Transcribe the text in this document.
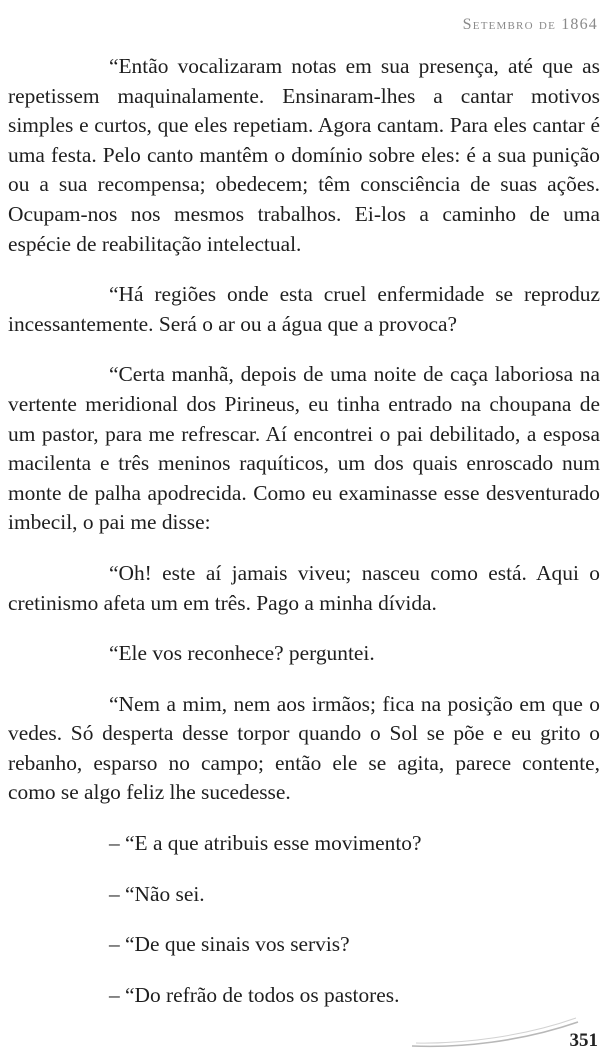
Setembro de 1864

“Então vocalizaram notas em sua presença, até que as repetissem maquinalamente. Ensinaram-lhes a cantar motivos simples e curtos, que eles repetiam. Agora cantam. Para eles cantar é uma festa. Pelo canto mantêm o domínio sobre eles: é a sua punição ou a sua recompensa; obedecem; têm consciência de suas ações. Ocupam-nos nos mesmos trabalhos. Ei-los a caminho de uma espécie de reabilitação intelectual.

“Há regiões onde esta cruel enfermidade se reproduz incessantemente. Será o ar ou a água que a provoca?

“Certa manhã, depois de uma noite de caça laboriosa na vertente meridional dos Pirineus, eu tinha entrado na choupana de um pastor, para me refrescar. Aí encontrei o pai debilitado, a esposa macilenta e três meninos raquíticos, um dos quais enroscado num monte de palha apodrecida. Como eu examinasse esse desventurado imbecil, o pai me disse:

“Oh! este aí jamais viveu; nasceu como está. Aqui o cretinismo afeta um em três. Pago a minha dívida.

“Ele vos reconhece? perguntei.

“Nem a mim, nem aos irmãos; fica na posição em que o vedes. Só desperta desse torpor quando o Sol se põe e eu grito o rebanho, esparso no campo; então ele se agita, parece contente, como se algo feliz lhe sucedesse.

– “E a que atribuis esse movimento?

– “Não sei.

– “De que sinais vos servis?

– “Do refrão de todos os pastores.

351
